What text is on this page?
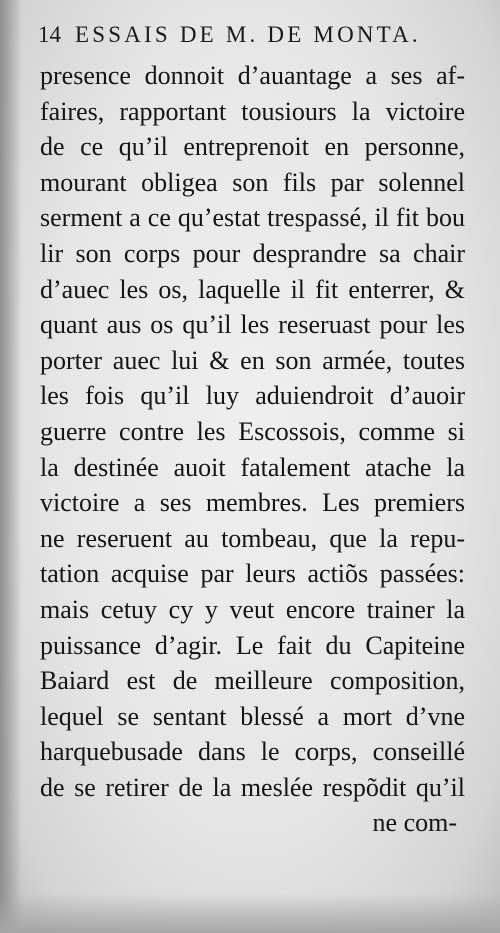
14 ESSAIS DE M. DE MONTA.
presence donnoit d’auantage a ses af-
faires, rapportant tousiours la victoire
de ce qu’il entreprenoit en personne,
mourant obligea son fils par solennel
serment a ce qu’estat trespassé, il fit bou
lir son corps pour desprandre sa chair
d’auec les os, laquelle il fit enterrer, &
quant aus os qu’il les reseruast pour les
porter auec lui & en son armée, toutes
les fois qu’il luy aduiendroit d’auoir
guerre contre les Escossois, comme si
la destinée auoit fatalement atache la
victoire a ses membres. Les premiers
ne reseruent au tombeau, que la repu-
tation acquise par leurs actiõs passées:
mais cetuy cy y veut encore trainer la
puissance d’agir. Le fait du Capiteine
Baiard est de meilleure composition,
lequel se sentant blessé a mort d’vne
harquebusade dans le corps, conseillé
de se retirer de la meslée respõdit qu’il
ne com-
